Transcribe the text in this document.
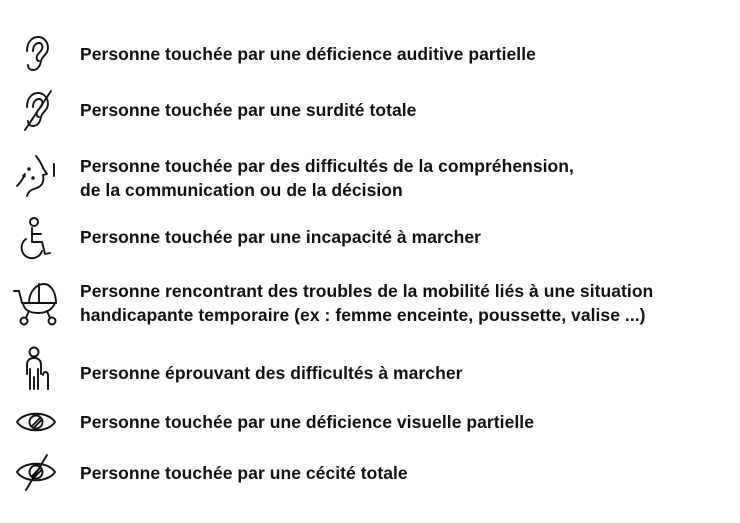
Personne touchée par une déficience auditive partielle
Personne touchée par une surdité totale
Personne touchée par des difficultés de la compréhension,
de la communication ou de la décision
Personne touchée par une incapacité à marcher
Personne rencontrant des troubles de la mobilité liés à une situation
handicapante temporaire (ex : femme enceinte, poussette, valise ...)
Personne éprouvant des difficultés à marcher
Personne touchée par une déficience visuelle partielle
Personne touchée par une cécité totale
